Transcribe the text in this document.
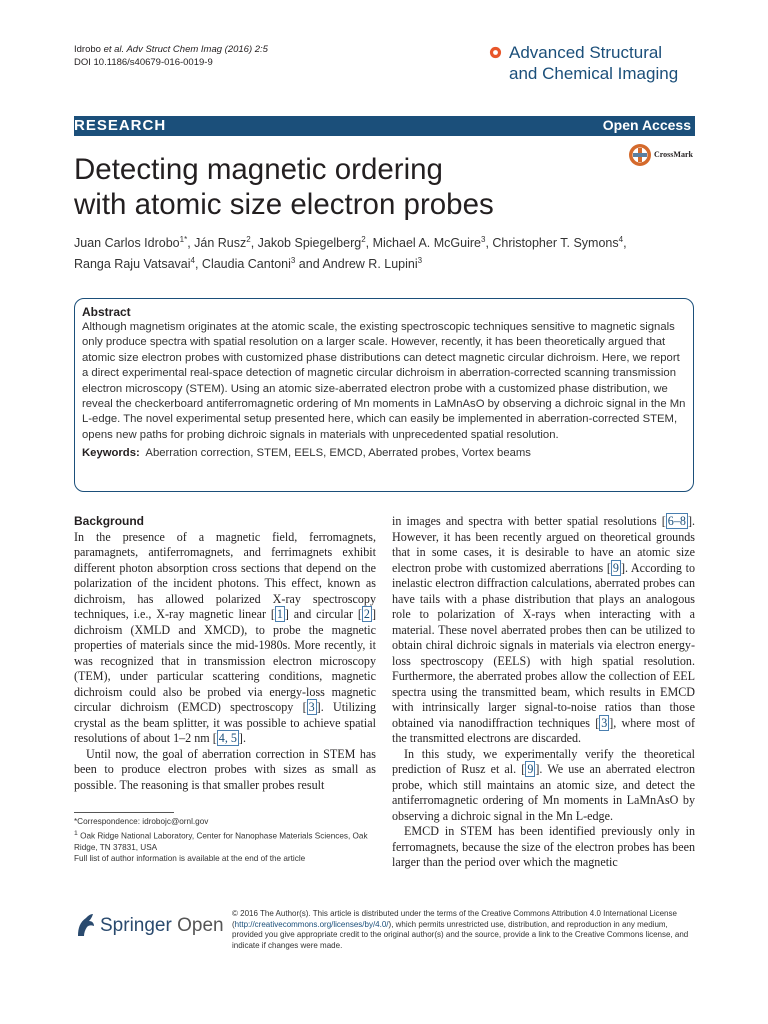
Idrobo et al. Adv Struct Chem Imag (2016) 2:5
DOI 10.1186/s40679-016-0019-9
Advanced Structural
and Chemical Imaging
RESEARCH	Open Access
CrossMark
Detecting magnetic ordering
with atomic size electron probes
Juan Carlos Idrobo$^{1*}$, Ján Rusz$^2$, Jakob Spiegelberg$^2$, Michael A. McGuire$^3$, Christopher T. Symons$^4$,
Ranga Raju Vatsavai$^4$, Claudia Cantoni$^3$ and Andrew R. Lupini$^3$
Abstract

Although magnetism originates at the atomic scale, the existing spectroscopic techniques sensitive to magnetic signals only produce spectra with spatial resolution on a larger scale. However, recently, it has been theoretically argued that atomic size electron probes with customized phase distributions can detect magnetic circular dichroism. Here, we report a direct experimental real-space detection of magnetic circular dichroism in aberration-corrected scanning transmission electron microscopy (STEM). Using an atomic size-aberrated electron probe with a customized phase distribution, we reveal the checkerboard antiferromagnetic ordering of Mn moments in LaMnAsO by observing a dichroic signal in the Mn L-edge. The novel experimental setup presented here, which can easily be implemented in aberration-corrected STEM, opens new paths for probing dichroic signals in materials with unprecedented spatial resolution.

Keywords: Aberration correction, STEM, EELS, EMCD, Aberrated probes, Vortex beams
Background

In the presence of a magnetic field, ferromagnets, paramagnets, antiferromagnets, and ferrimagnets exhibit different photon absorption cross sections that depend on the polarization of the incident photons. This effect, known as dichroism, has allowed polarized X-ray spectroscopy techniques, i.e., X-ray magnetic linear [ 1 ] and circular [ 2 ] dichroism (XMLD and XMCD), to probe the magnetic properties of materials since the mid-1980s. More recently, it was recognized that in transmission electron microscopy (TEM), under particular scattering conditions, magnetic dichroism could also be probed via energy-loss magnetic circular dichroism (EMCD) spectroscopy [ 3 ]. Utilizing crystal as the beam splitter, it was possible to achieve spatial resolutions of about 1–2 nm [ 4, 5 ].

Until now, the goal of aberration correction in STEM has been to produce electron probes with sizes as small as possible. The reasoning is that smaller probes result

in images and spectra with better spatial resolutions [ 6–8 ]. However, it has been recently argued on theoretical grounds that in some cases, it is desirable to have an atomic size electron probe with customized aberrations [ 9 ]. According to inelastic electron diffraction calculations, aberrated probes can have tails with a phase distribution that plays an analogous role to polarization of X-rays when interacting with a material. These novel aberrated probes then can be utilized to obtain chiral dichroic signals in materials via electron energy-loss spectroscopy (EELS) with high spatial resolution. Furthermore, the aberrated probes allow the collection of EEL spectra using the transmitted beam, which results in EMCD with intrinsically larger signal-to-noise ratios than those obtained via nanodiffraction techniques [ 3 ], where most of the transmitted electrons are discarded.

In this study, we experimentally verify the theoretical prediction of Rusz et al. [ 9 ]. We use an aberrated electron probe, which still maintains an atomic size, and detect the antiferromagnetic ordering of Mn moments in LaMnAsO by observing a dichroic signal in the Mn L-edge.

EMCD in STEM has been identified previously only in ferromagnets, because the size of the electron probes has been larger than the period over which the magnetic

*Correspondence: idrobojc@ornl.gov
$^1$ Oak Ridge National Laboratory, Center for Nanophase Materials Sciences, Oak Ridge, TN 37831, USA
Full list of author information is available at the end of the article
Springer Open
© 2016 The Author(s). This article is distributed under the terms of the Creative Commons Attribution 4.0 International License (http://creativecommons.org/licenses/by/4.0/), which permits unrestricted use, distribution, and reproduction in any medium, provided you give appropriate credit to the original author(s) and the source, provide a link to the Creative Commons license, and indicate if changes were made.
